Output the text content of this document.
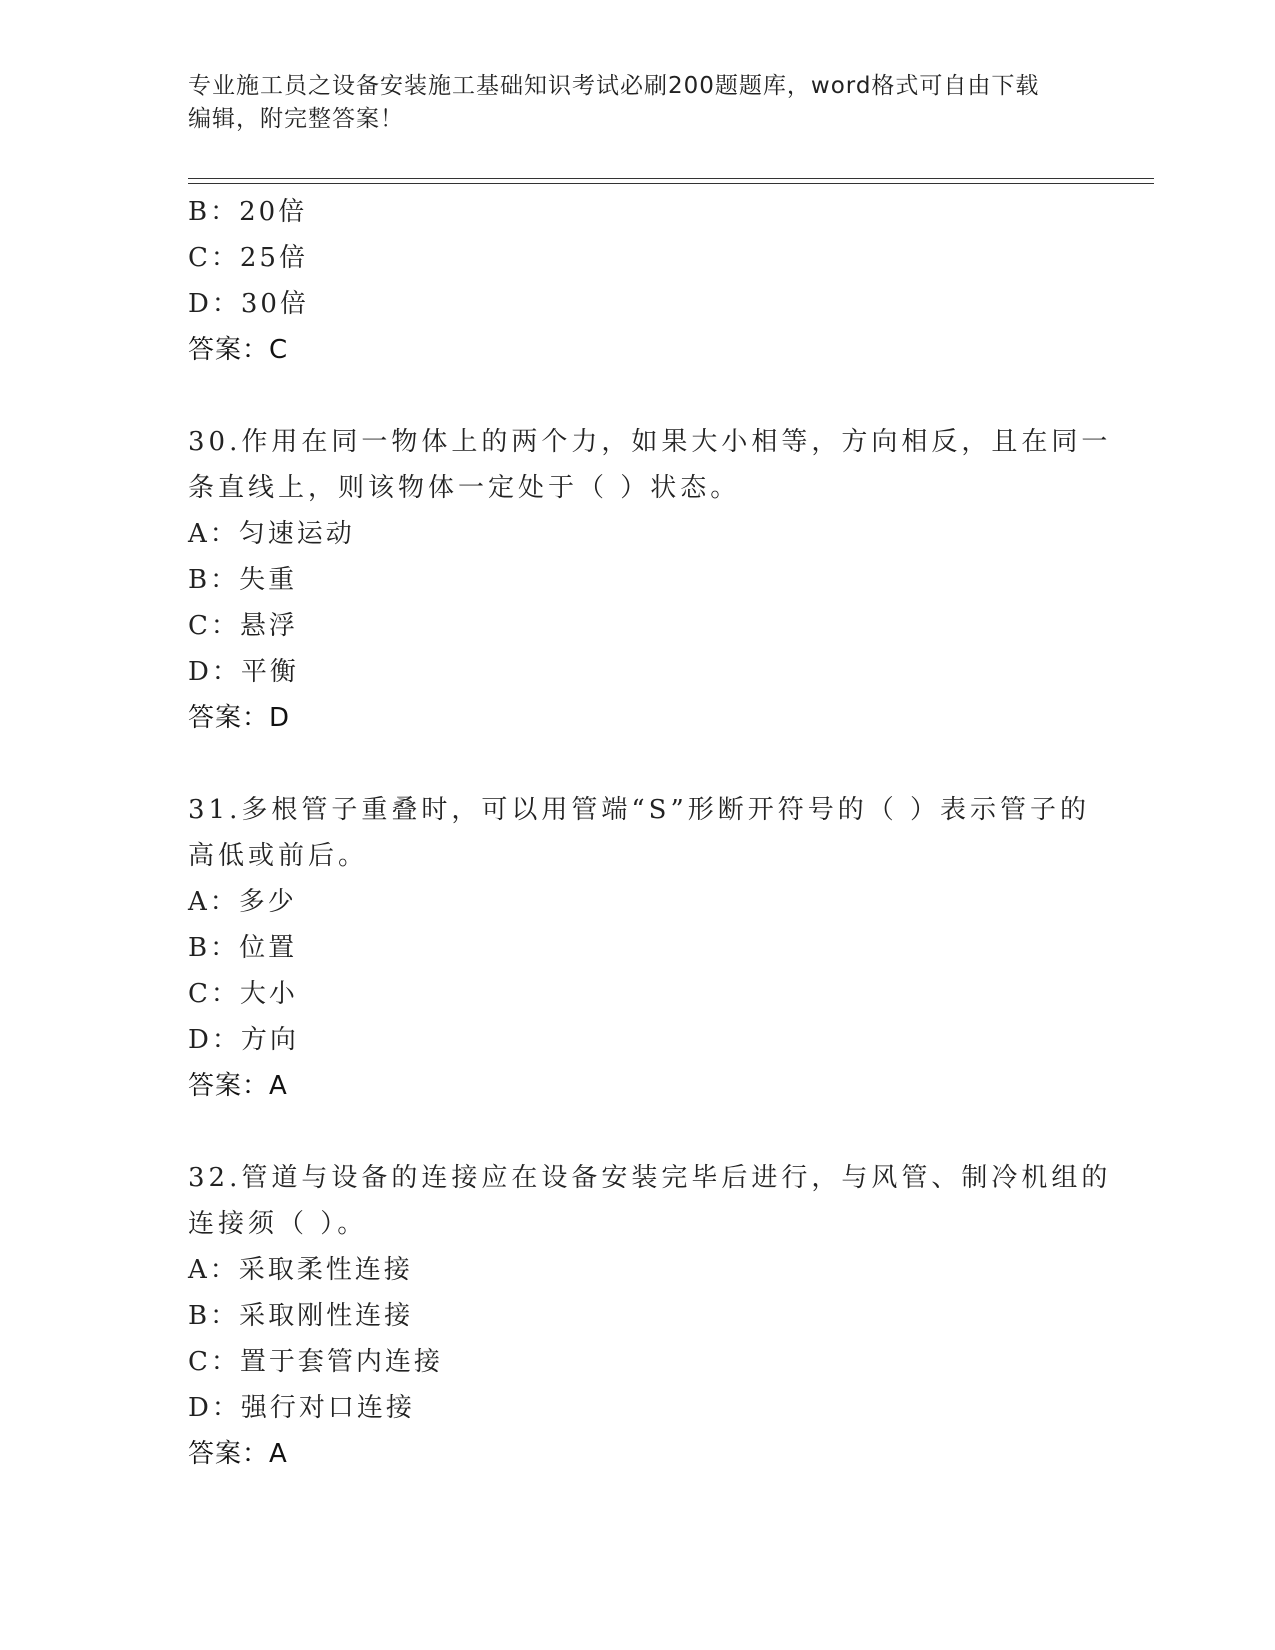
专业施工员之设备安装施工基础知识考试必刷200题题库，word格式可自由下载
编辑，附完整答案！
B：20倍
C：25倍
D：30倍
答案：C
30.作用在同一物体上的两个力，如果大小相等，方向相反，且在同一
条直线上，则该物体一定处于（ ）状态。
A：匀速运动
B：失重
C：悬浮
D：平衡
答案：D
31.多根管子重叠时，可以用管端“S”形断开符号的（ ）表示管子的
高低或前后。
A：多少
B：位置
C：大小
D：方向
答案：A
32.管道与设备的连接应在设备安装完毕后进行，与风管、制冷机组的
连接须（ ）。
A：采取柔性连接
B：采取刚性连接
C：置于套管内连接
D：强行对口连接
答案：A
